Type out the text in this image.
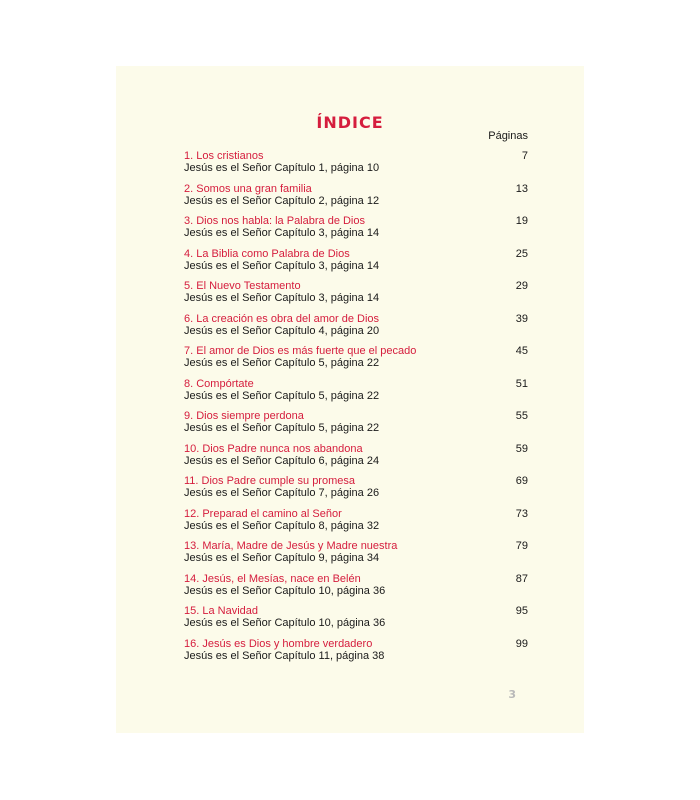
ÍNDICE
Páginas
1. Los cristianos
Jesús es el Señor Capítulo 1, página 10
7
2. Somos una gran familia
Jesús es el Señor Capítulo 2, página 12
13
3. Dios nos habla: la Palabra de Dios
Jesús es el Señor Capítulo 3, página 14
19
4. La Biblia como Palabra de Dios
Jesús es el Señor Capítulo 3, página 14
25
5. El Nuevo Testamento
Jesús es el Señor Capítulo 3, página 14
29
6. La creación es obra del amor de Dios
Jesús es el Señor Capítulo 4, página 20
39
7. El amor de Dios es más fuerte que el pecado
Jesús es el Señor Capítulo 5, página 22
45
8. Compórtate
Jesús es el Señor Capítulo 5, página 22
51
9. Dios siempre perdona
Jesús es el Señor Capítulo 5, página 22
55
10. Dios Padre nunca nos abandona
Jesús es el Señor Capítulo 6, página 24
59
11. Dios Padre cumple su promesa
Jesús es el Señor Capítulo 7, página 26
69
12. Preparad el camino al Señor
Jesús es el Señor Capítulo 8, página 32
73
13. María, Madre de Jesús y Madre nuestra
Jesús es el Señor Capítulo 9, página 34
79
14. Jesús, el Mesías, nace en Belén
Jesús es el Señor Capítulo 10, página 36
87
15. La Navidad
Jesús es el Señor Capítulo 10, página 36
95
16. Jesús es Dios y hombre verdadero
Jesús es el Señor Capítulo 11, página 38
99
3
